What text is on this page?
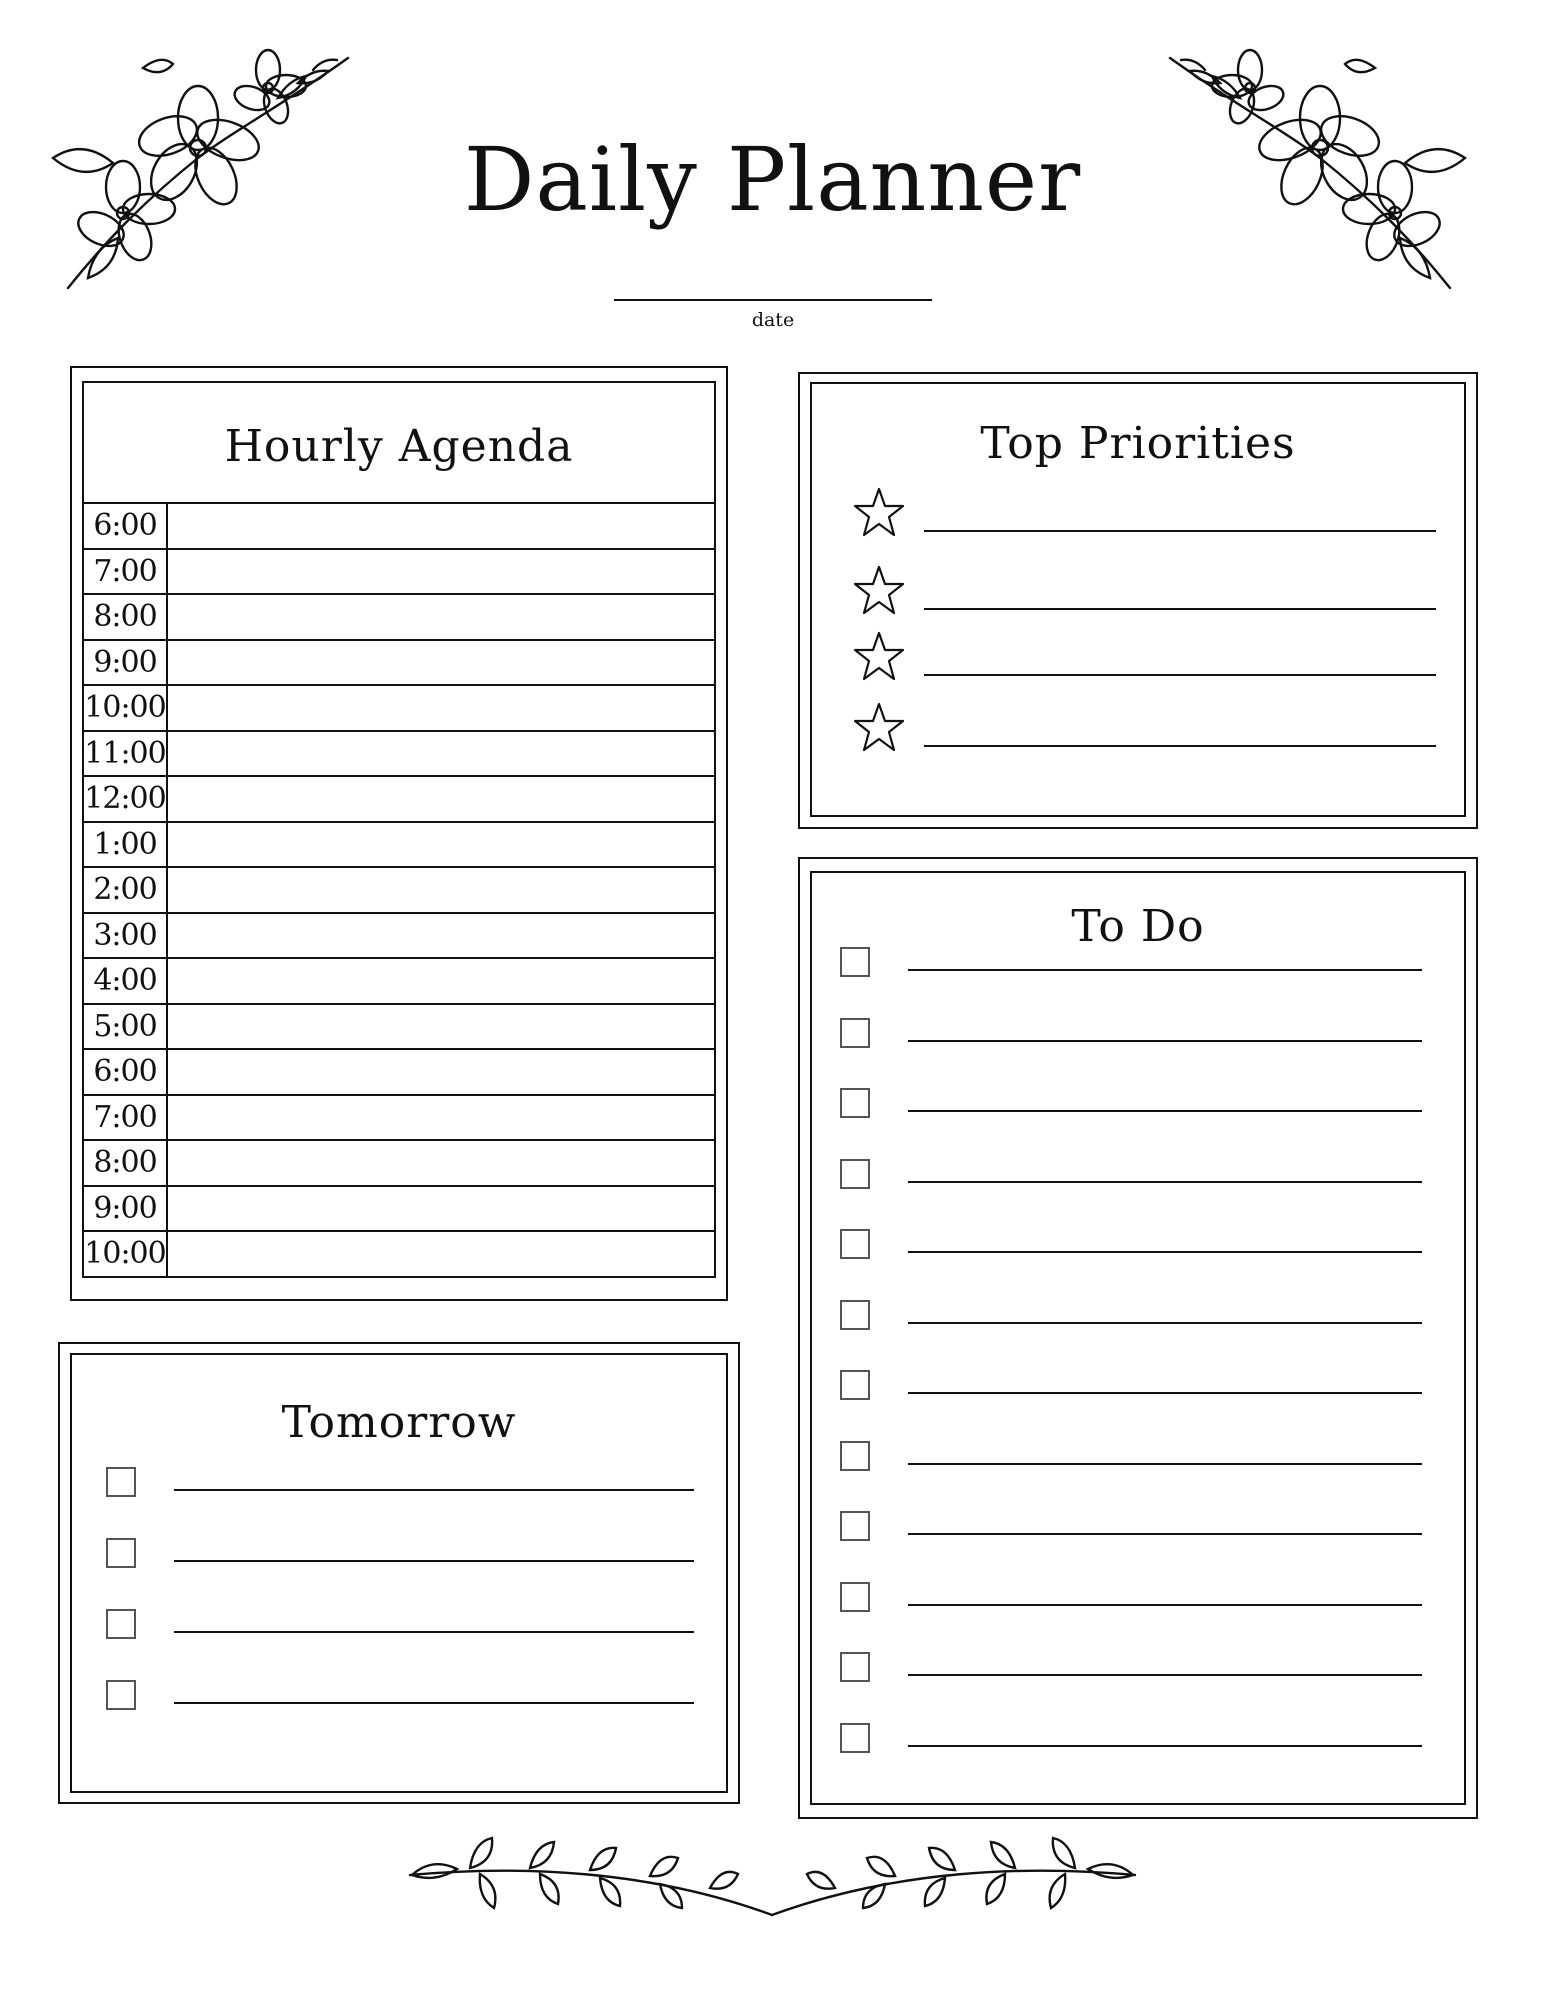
Daily Planner
date
Hourly Agenda
6:00
7:00
8:00
9:00
10:00
11:00
12:00
1:00
2:00
3:00
4:00
5:00
6:00
7:00
8:00
9:00
10:00
Top Priorities
To Do
Tomorrow
